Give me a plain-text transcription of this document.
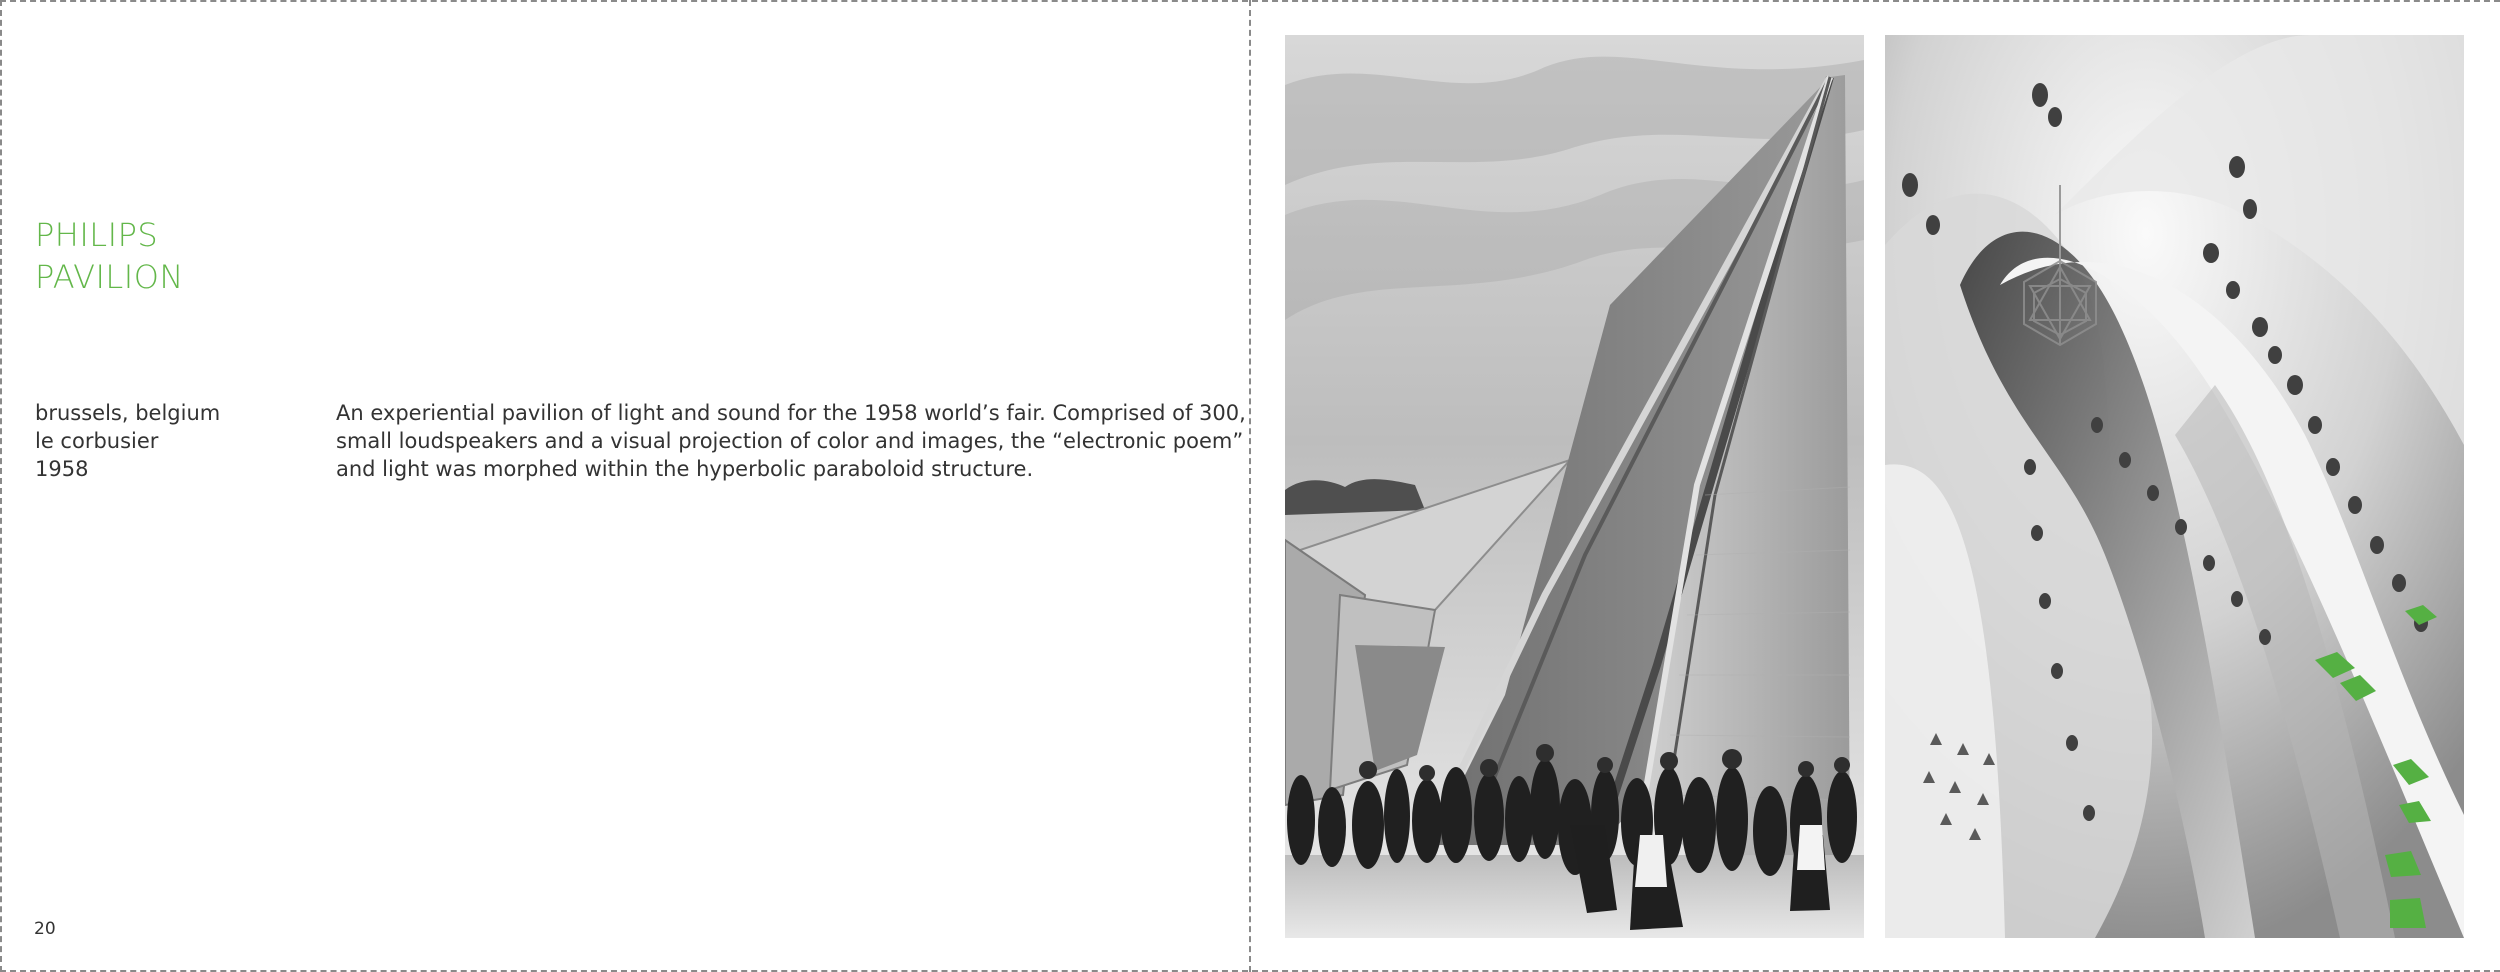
PHILIPS
PAVILION
brussels, belgium
le corbusier
1958
An experiential pavilion of light and sound for the 1958 world’s fair. Comprised of 300,
small loudspeakers and a visual projection of color and images, the “electronic poem”
and light was morphed within the hyperbolic paraboloid structure.
20
